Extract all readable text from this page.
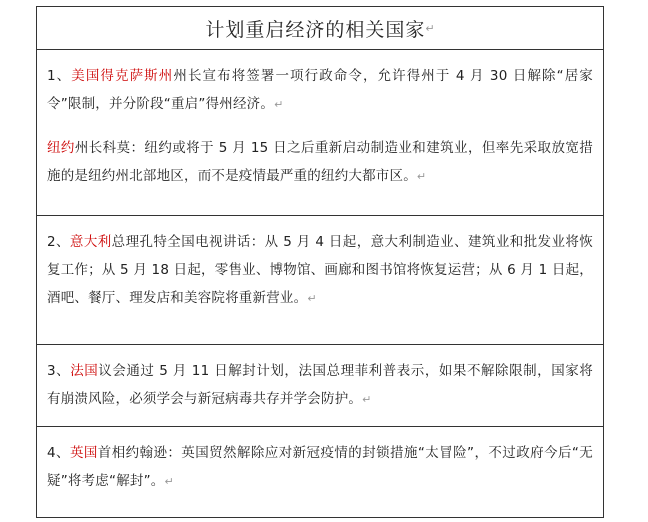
计划重启经济的相关国家 ↵
1、美国得克萨斯州州长宣布将签署一项行政命令，允许得州于 4 月 30 日解除“居家令”限制，并分阶段“重启”得州经济。↵
纽约州长科莫：纽约或将于 5 月 15 日之后重新启动制造业和建筑业，但率先采取放宽措施的是纽约州北部地区，而不是疫情最严重的纽约大都市区。↵
2、意大利总理孔特全国电视讲话：从 5 月 4 日起，意大利制造业、建筑业和批发业将恢复工作；从 5 月 18 日起，零售业、博物馆、画廊和图书馆将恢复运营；从 6 月 1 日起，酒吧、餐厅、理发店和美容院将重新营业。↵
3、法国议会通过 5 月 11 日解封计划，法国总理菲利普表示，如果不解除限制，国家将有崩溃风险，必须学会与新冠病毒共存并学会防护。↵
4、英国首相约翰逊：英国贸然解除应对新冠疫情的封锁措施“太冒险”，不过政府今后“无疑”将考虑“解封”。↵
